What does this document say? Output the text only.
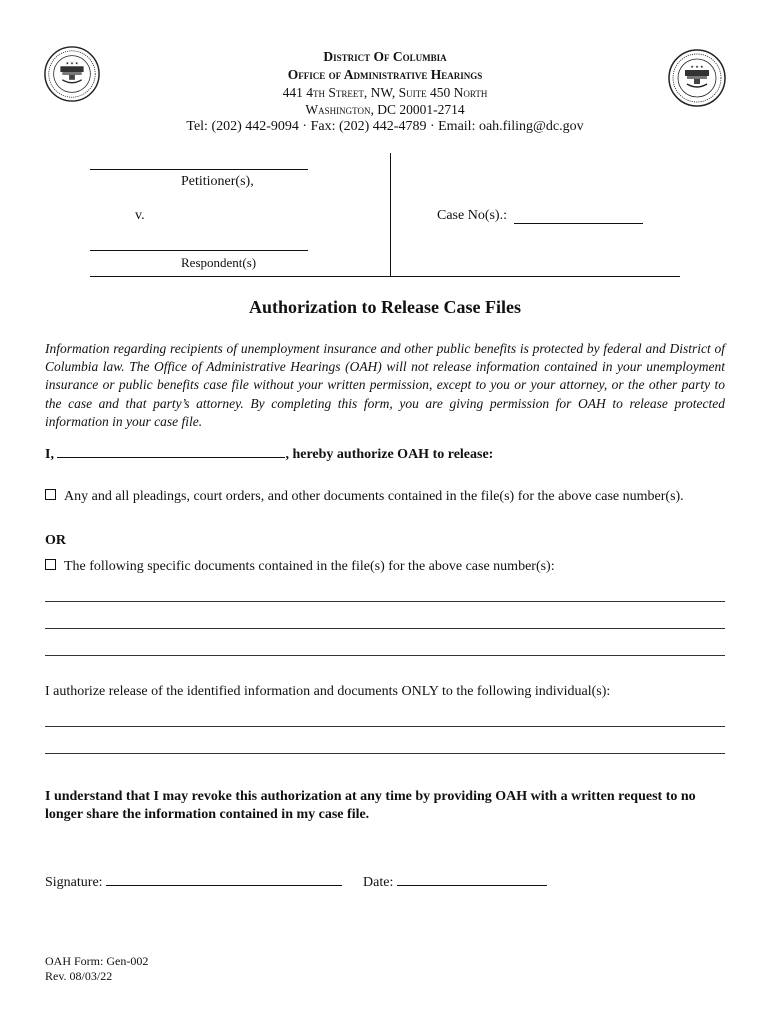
★ ★ ★
★ ★ ★
District Of Columbia
Office of Administrative Hearings
441 4th Street, NW, Suite 450 North
Washington, DC 20001-2714
Tel: (202) 442-9094 · Fax: (202) 442-4789 · Email: oah.filing@dc.gov
Petitioner(s),
v.
Respondent(s)
Case No(s).:
Authorization to Release Case Files
Information regarding recipients of unemployment insurance and other public benefits is protected by federal and District of Columbia law. The Office of Administrative Hearings (OAH) will not release information contained in your unemployment insurance or public benefits case file without your written permission, except to you or your attorney, or the other party to the case and that party’s attorney. By completing this form, you are giving permission for OAH to release protected information in your case file.
I,	, hereby authorize OAH to release:
Any and all pleadings, court orders, and other documents contained in the file(s) for the above case number(s).
OR
The following specific documents contained in the file(s) for the above case number(s):
I authorize release of the identified information and documents ONLY to the following individual(s):
I understand that I may revoke this authorization at any time by providing OAH with a written request to no longer share the information contained in my case file.
Signature:	Date:
OAH Form: Gen-002
Rev. 08/03/22
